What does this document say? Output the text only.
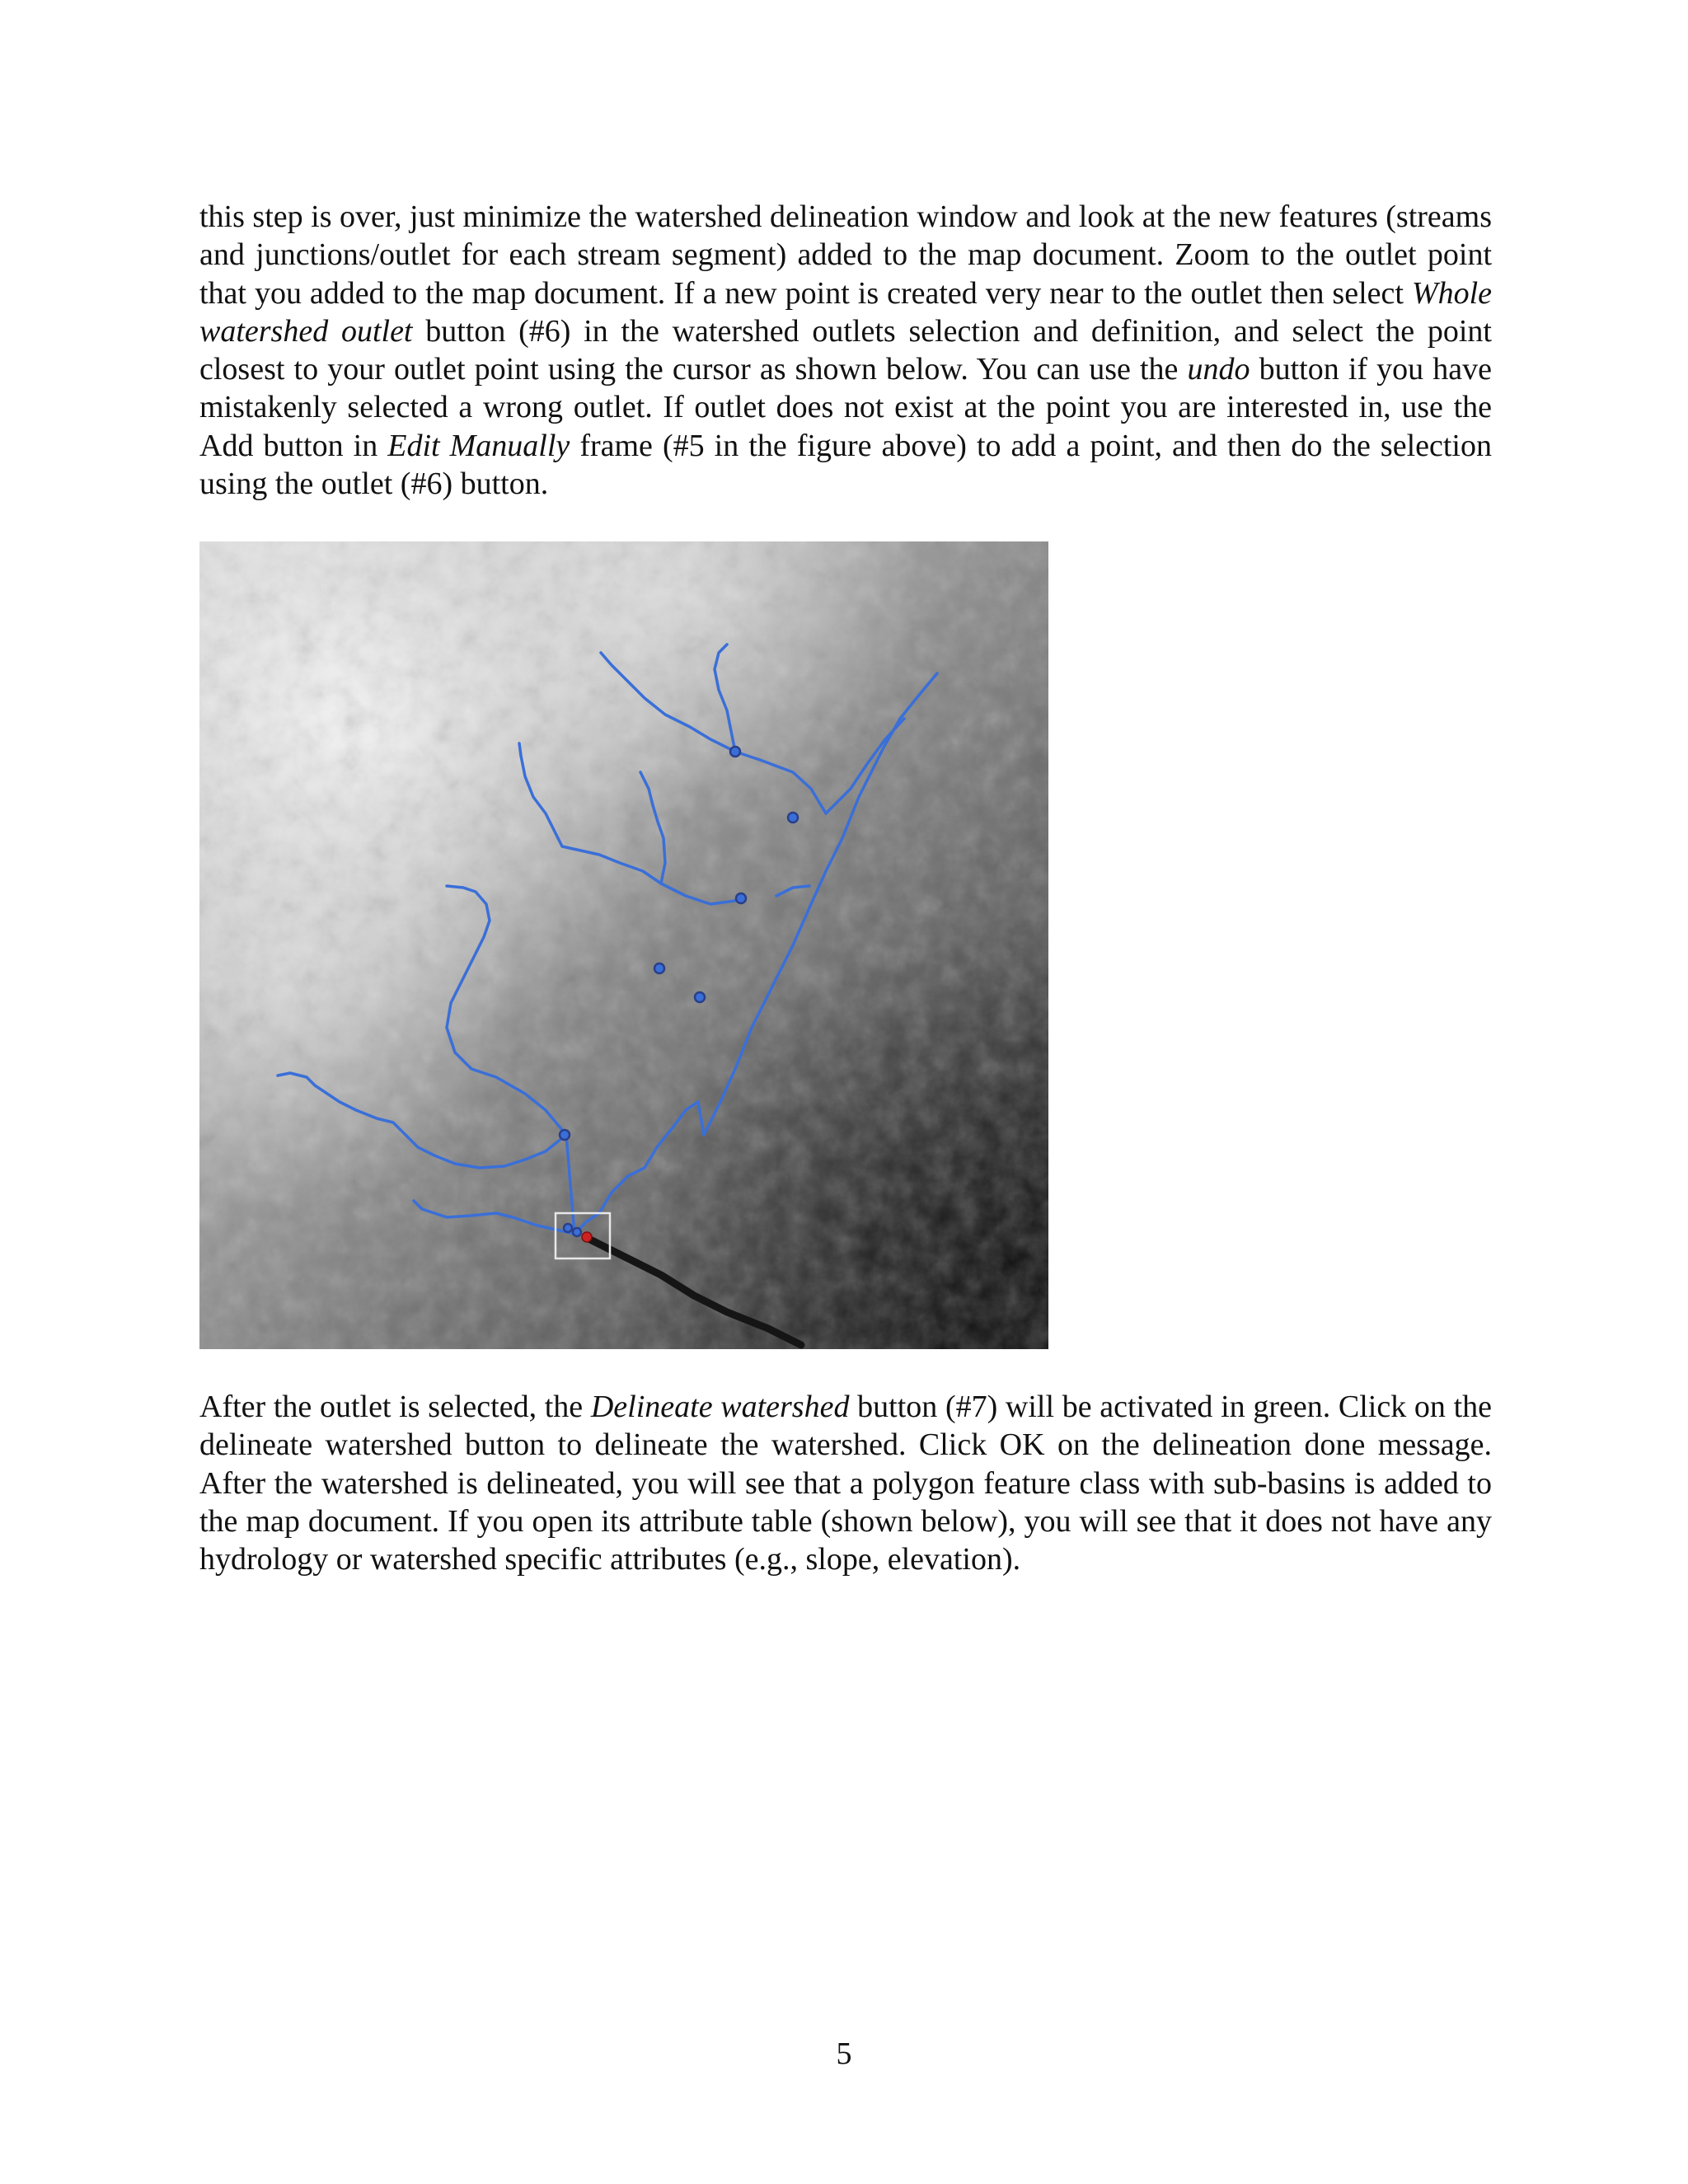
this step is over, just minimize the watershed delineation window and look at the new features (streams and junctions/outlet for each stream segment) added to the map document. Zoom to the outlet point that you added to the map document. If a new point is created very near to the outlet then select Whole watershed outlet button (#6) in the watershed outlets selection and definition, and select the point closest to your outlet point using the cursor as shown below. You can use the undo button if you have mistakenly selected a wrong outlet. If outlet does not exist at the point you are interested in, use the Add button in Edit Manually frame (#5 in the figure above) to add a point, and then do the selection using the outlet (#6) button.

After the outlet is selected, the Delineate watershed button (#7) will be activated in green. Click on the delineate watershed button to delineate the watershed. Click OK on the delineation done message. After the watershed is delineated, you will see that a polygon feature class with sub-basins is added to the map document. If you open its attribute table (shown below), you will see that it does not have any hydrology or watershed specific attributes (e.g., slope, elevation).

5
